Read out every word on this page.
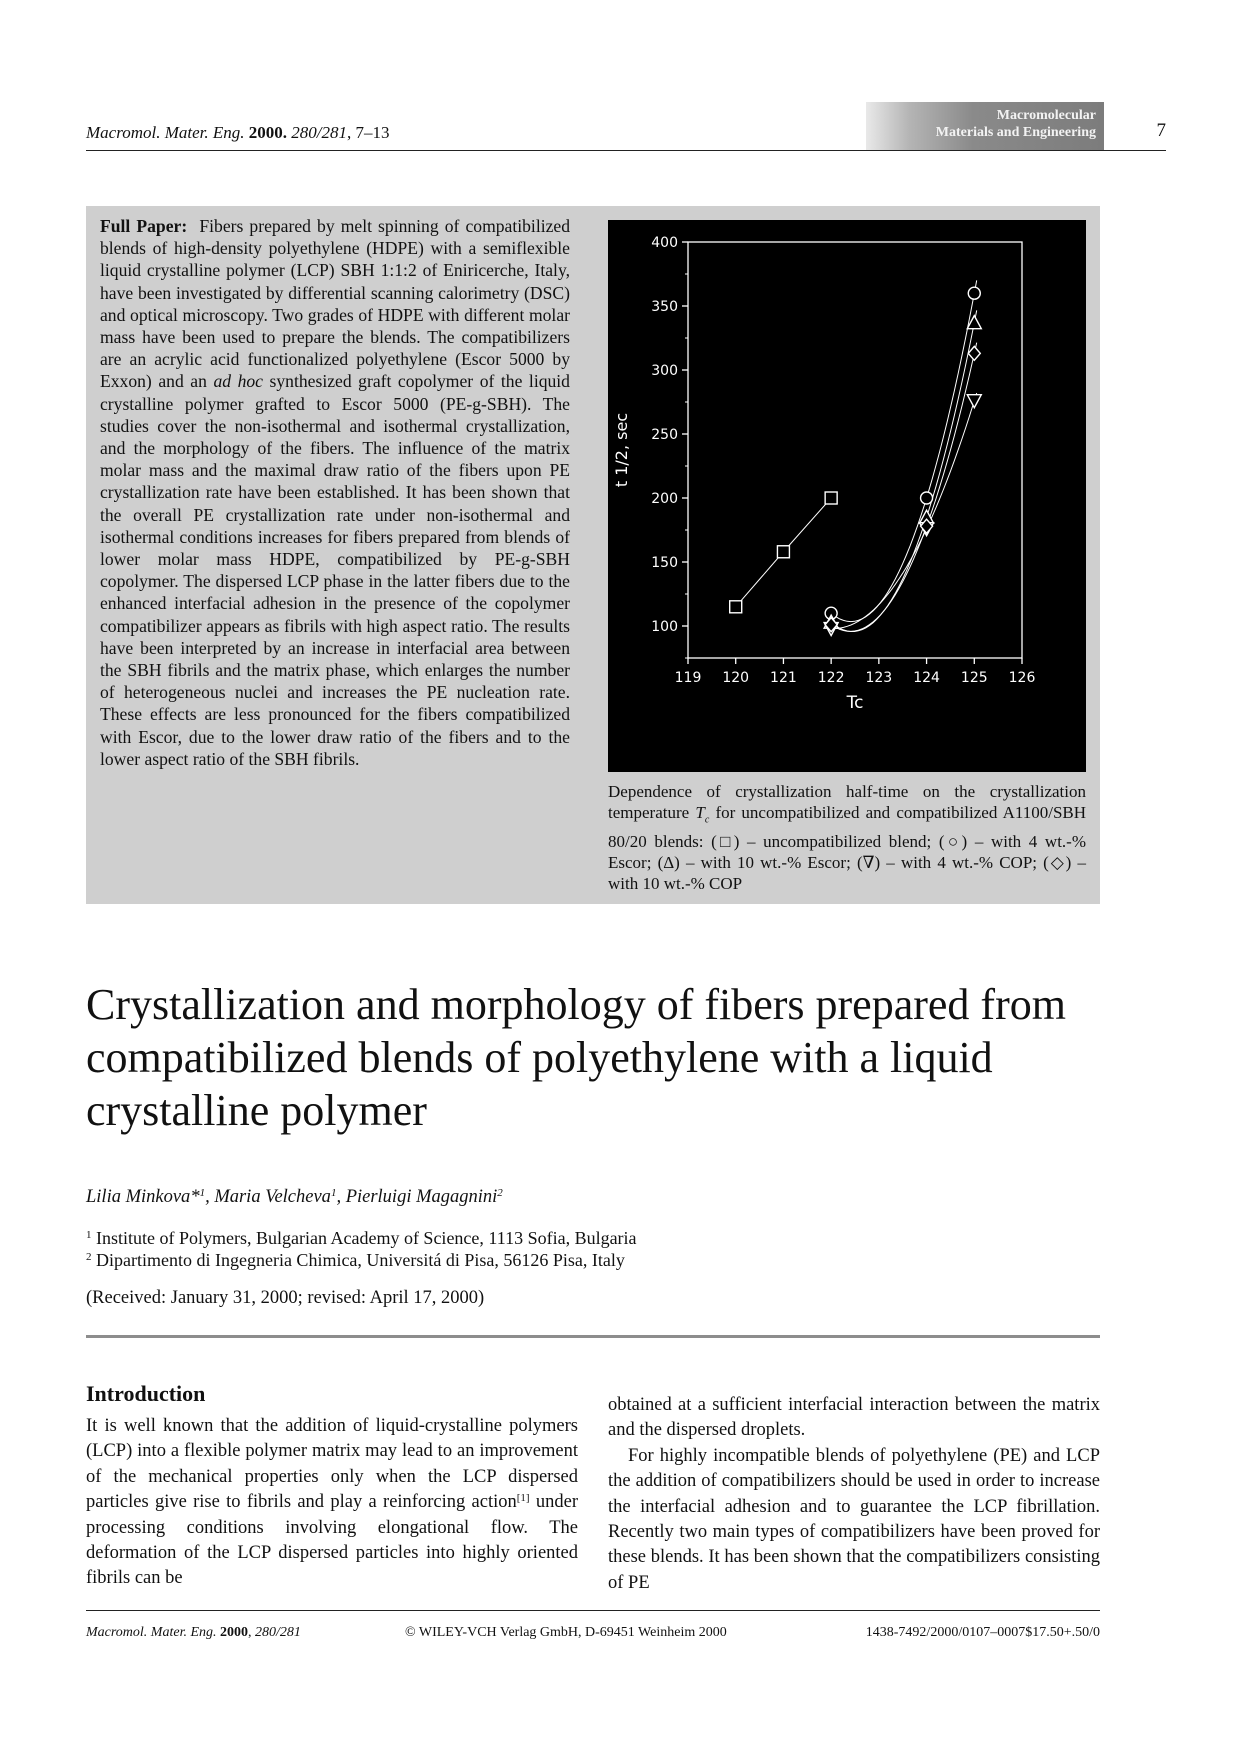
Macromol. Mater. Eng. 2000. 280/281, 7–13
Macromolecular
Materials and Engineering	7
Full Paper: Fibers prepared by melt spinning of compatibilized blends of high-density polyethylene (HDPE) with a semiflexible liquid crystalline polymer (LCP) SBH 1:1:2 of Eniricerche, Italy, have been investigated by differential scanning calorimetry (DSC) and optical microscopy. Two grades of HDPE with different molar mass have been used to prepare the blends. The compatibilizers are an acrylic acid functionalized polyethylene (Escor 5000 by Exxon) and an ad hoc synthesized graft copolymer of the liquid crystalline polymer grafted to Escor 5000 (PE-g-SBH). The studies cover the non-isothermal and isothermal crystallization, and the morphology of the fibers. The influence of the matrix molar mass and the maximal draw ratio of the fibers upon PE crystallization rate have been established. It has been shown that the overall PE crystallization rate under non-isothermal and isothermal conditions increases for fibers prepared from blends of lower molar mass HDPE, compatibilized by PE-g-SBH copolymer. The dispersed LCP phase in the latter fibers due to the enhanced interfacial adhesion in the presence of the copolymer compatibilizer appears as fibrils with high aspect ratio. The results have been interpreted by an increase in interfacial area between the SBH fibrils and the matrix phase, which enlarges the number of heterogeneous nuclei and increases the PE nucleation rate. These effects are less pronounced for the fibers compatibilized with Escor, due to the lower draw ratio of the fibers and to the lower aspect ratio of the SBH fibrils.
100
150
200
250
300
350
400
119 120 121 122 123 124 125 126
Tc
t 1/2, sec
Dependence of crystallization half-time on the crystallization temperature $T_c$ for uncompatibilized and compatibilized A1100/SBH 80/20 blends: (□) – uncompatibilized blend; (○) – with 4 wt.-% Escor; (Δ) – with 10 wt.-% Escor; (∇) – with 4 wt.-% COP; (◇) – with 10 wt.-% COP
Crystallization and morphology of fibers prepared from compatibilized blends of polyethylene with a liquid crystalline polymer
Lilia Minkova*$^1$, Maria Velcheva$^1$, Pierluigi Magagnini$^2$
$^1$ Institute of Polymers, Bulgarian Academy of Science, 1113 Sofia, Bulgaria
$^2$ Dipartimento di Ingegneria Chimica, Universitá di Pisa, 56126 Pisa, Italy
(Received: January 31, 2000; revised: April 17, 2000)
Introduction

It is well known that the addition of liquid-crystalline polymers (LCP) into a flexible polymer matrix may lead to an improvement of the mechanical properties only when the LCP dispersed particles give rise to fibrils and play a reinforcing action[1] under processing conditions involving elongational flow. The deformation of the LCP dispersed particles into highly oriented fibrils can be

obtained at a sufficient interfacial interaction between the matrix and the dispersed droplets.

For highly incompatible blends of polyethylene (PE) and LCP the addition of compatibilizers should be used in order to increase the interfacial adhesion and to guarantee the LCP fibrillation. Recently two main types of compatibilizers have been proved for these blends. It has been shown that the compatibilizers consisting of PE

Macromol. Mater. Eng. 2000, 280/281	© WILEY-VCH Verlag GmbH, D-69451 Weinheim 2000	1438-7492/2000/0107–0007$17.50+.50/0
